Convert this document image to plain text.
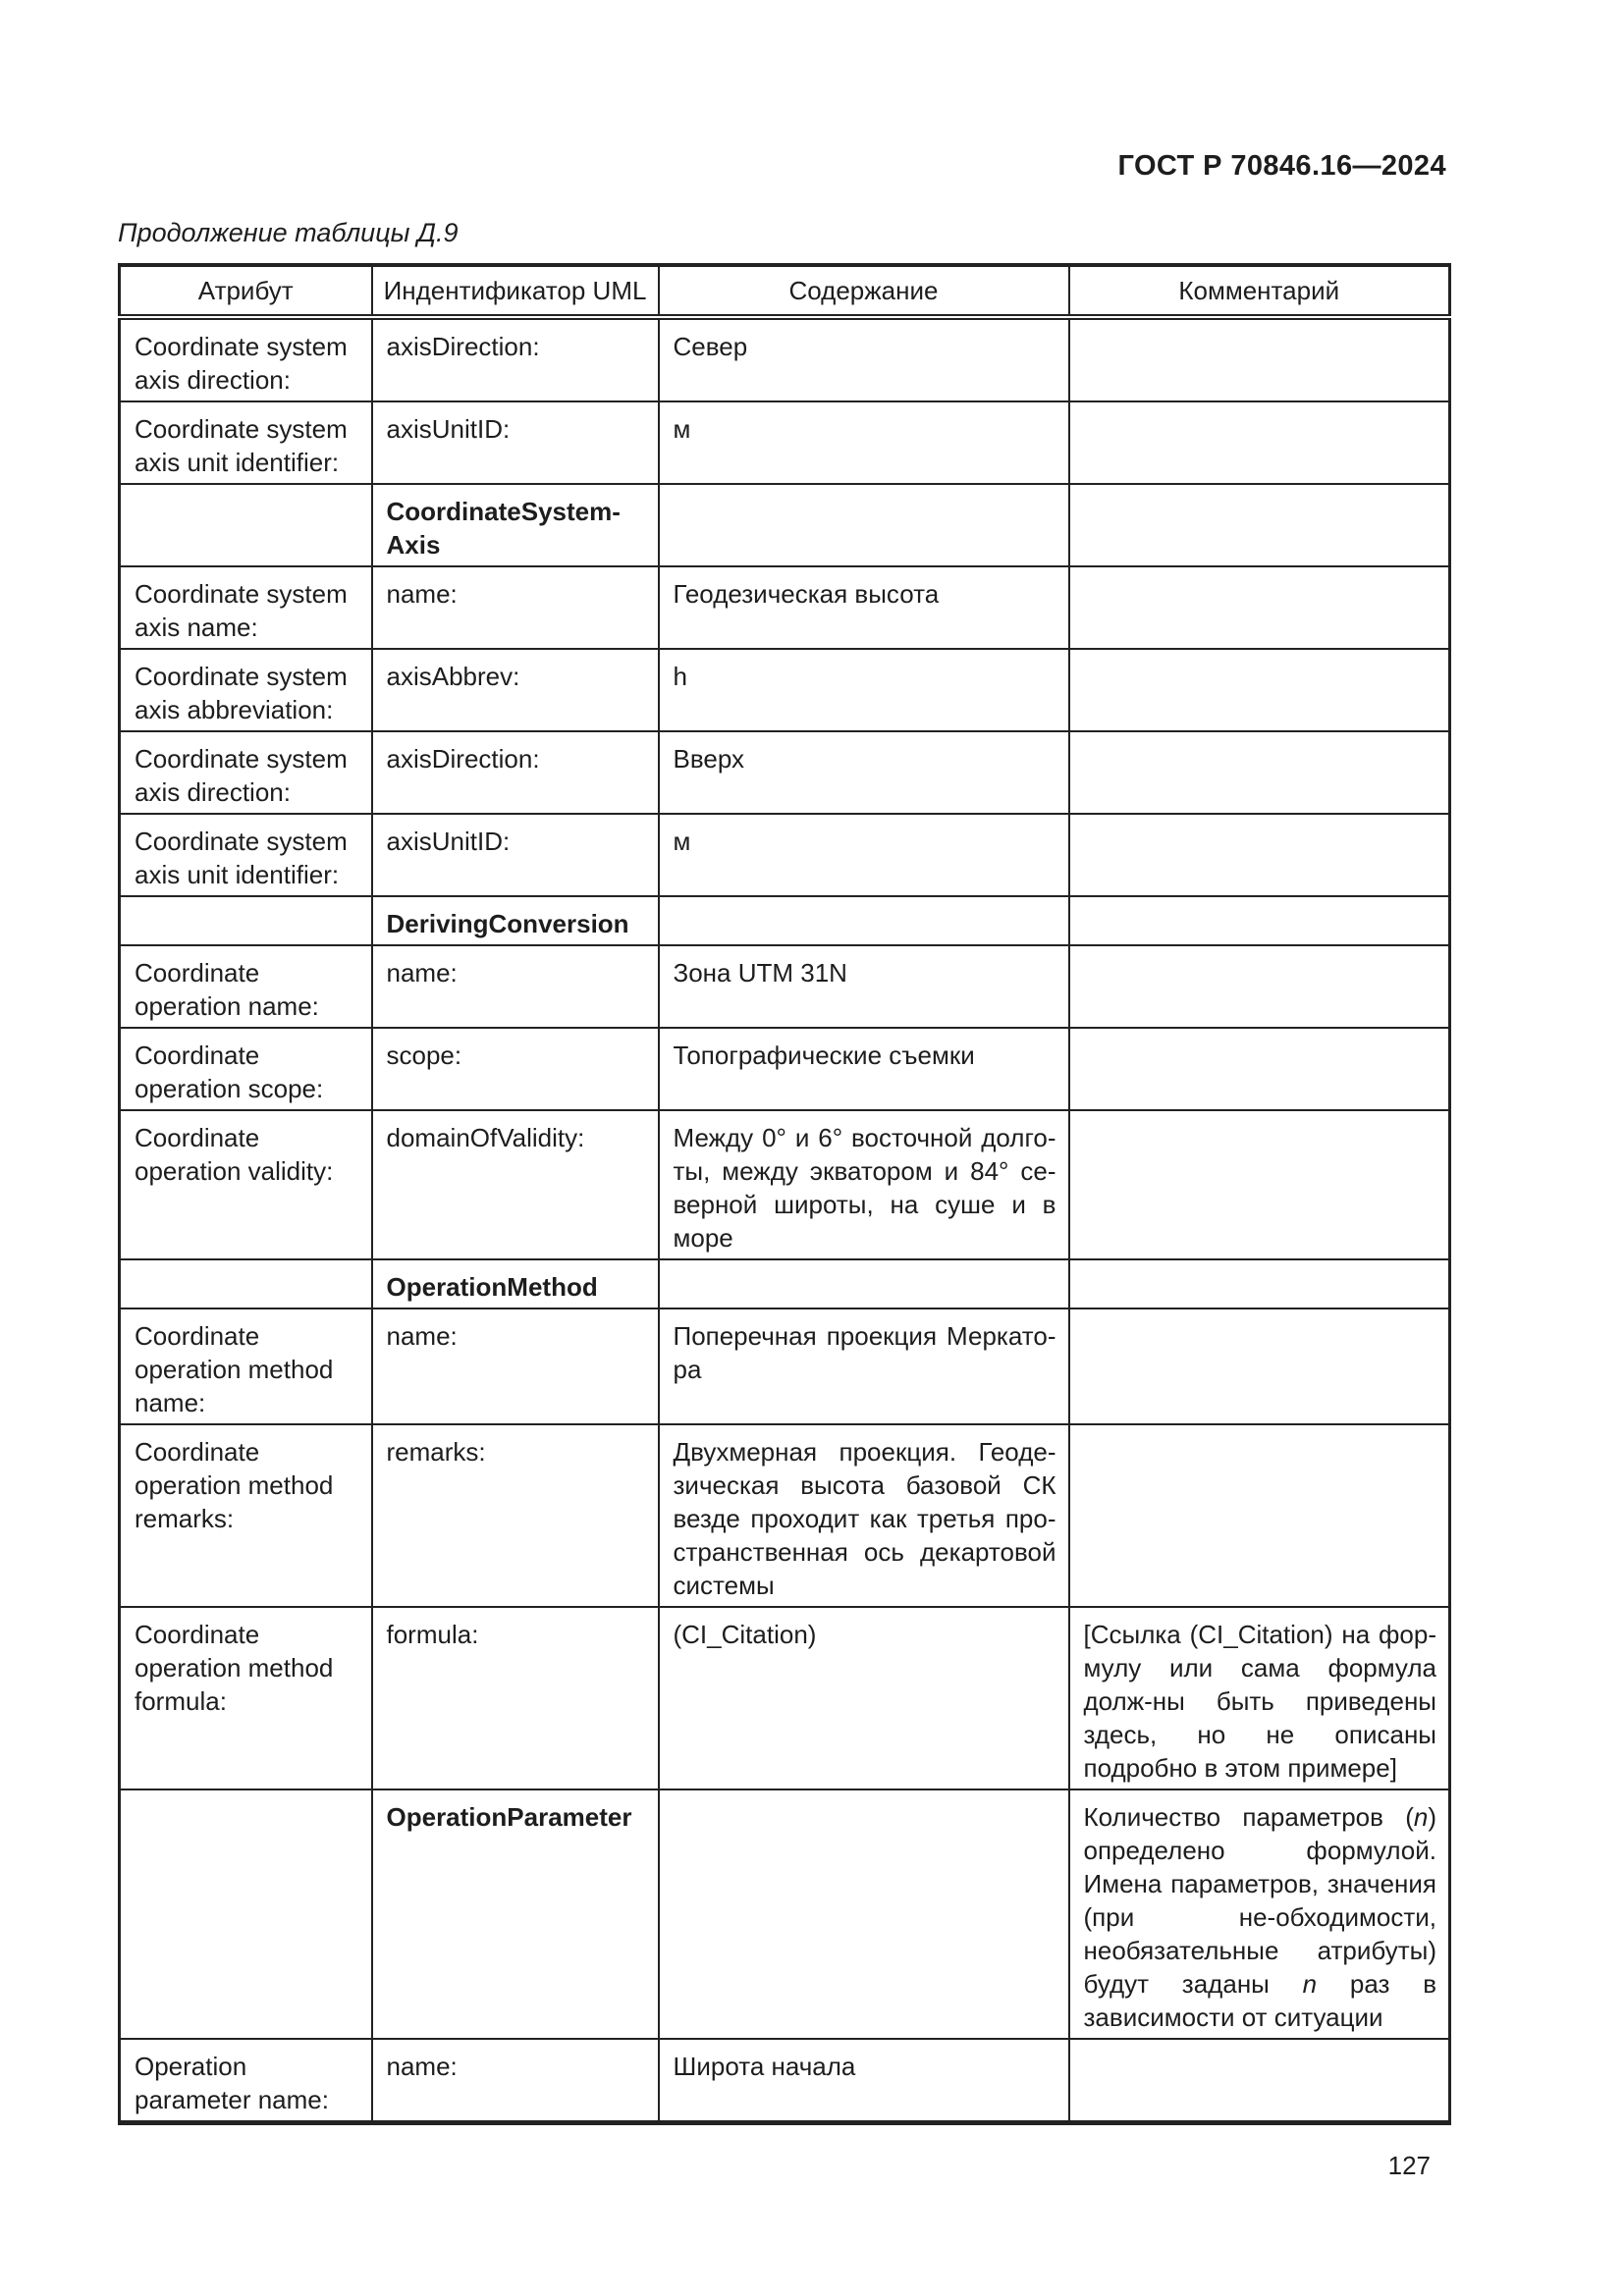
ГОСТ Р 70846.16—2024
Продолжение таблицы Д.9
Атрибут	Индентификатор UML	Содержание	Комментарий
Coordinate system axis direction:	axisDirection:	Север	
Coordinate system axis unit identifier:	axisUnitID:	м	
	CoordinateSystem-Axis		
Coordinate system axis name:	name:	Геодезическая высота	
Coordinate system axis abbreviation:	axisAbbrev:	h	
Coordinate system axis direction:	axisDirection:	Вверх	
Coordinate system axis unit identifier:	axisUnitID:	м	
	DerivingConversion		
Coordinate operation name:	name:	Зона UTM 31N	
Coordinate operation scope:	scope:	Топографические съемки	
Coordinate operation validity:	domainOfValidity:	Между 0° и 6° восточной долго-ты, между экватором и 84° се-верной широты, на суше и в море	
	OperationMethod		
Coordinate operation method name:	name:	Поперечная проекция Меркато-ра	
Coordinate operation method remarks:	remarks:	Двухмерная проекция. Геоде-зическая высота базовой СК везде проходит как третья про-странственная ось декартовой системы	
Coordinate operation method formula:	formula:	(CI_Citation)	[Ссылка (CI_Citation) на фор-мулу или сама формула долж-ны быть приведены здесь, но не описаны подробно в этом примере]
	OperationParameter		Количество параметров (n) определено формулой. Имена параметров, значения (при не-обходимости, необязательные атрибуты) будут заданы n раз в зависимости от ситуации
Operation parameter name:	name:	Широта начала	
127
